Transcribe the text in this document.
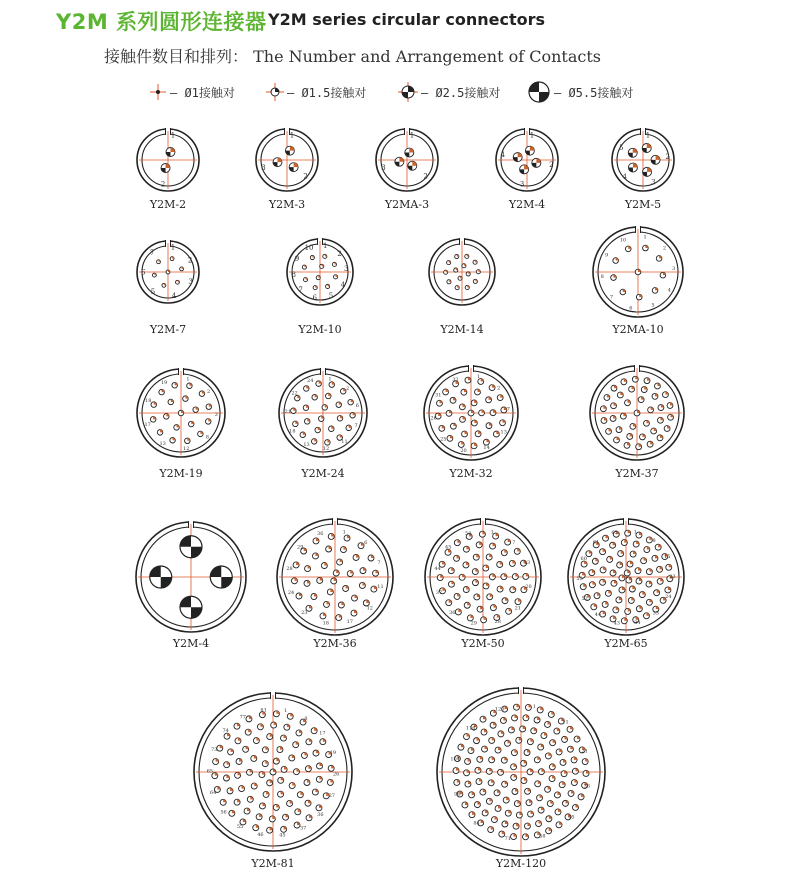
Y2M 系列圆形连接器 Y2M series circular connectors
接触件数目和排列： The Number and Arrangement of Contacts
— Ø1接触对	— Ø1.5接触对	— Ø2.5接触对	— Ø5.5接触对
1
2
Y2M-2
1
2
3
Y2M-3
1
2
3
Y2MA-3
1
2
3
4
Y2M-4
1
2
3
4
5
Y2M-5
1
2
3
4
5
6
7
Y2M-7
1
2
3
4
5
6
7
8
9
10
Y2M-10	Y2M-14
1
2
3
4
5
6
7
8
9
10
Y2MA-10
1
2
3
8
12
13
17
18
19
Y2M-19
1
2
6
7
11
12
13
18
21
22
24
Y2M-24
1
2
7
13
14
20
25
26
31
32
Y2M-32	Y2M-37
Y2M-4
1
6
7
11
12
17
18
23
24
28
29
36
Y2M-36
1
7
13
20
21
28
29
36
37
44
45
50
Y2M-50
1
8
15
23
24
33
34
43
44
52
53
60
61
65
Y2M-65
1
8
17
19
26
27
36
37
45
46
55
56
64
65
73
74
77
81
Y2M-81
1
11
21
33
45
58
71
84
96
104
116
120
Y2M-120
